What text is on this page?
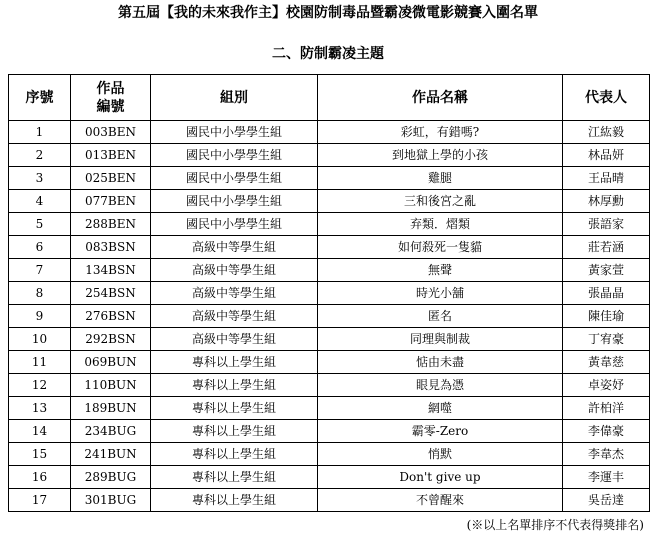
第五屆【我的未來我作主】校園防制毒品暨霸凌微電影競賽入圍名單
二、防制霸凌主題
序號	作品編號	組別	作品名稱	代表人
1	003BEN	國民中小學學生組	彩虹，有錯嗎?	江紘毅
2	013BEN	國民中小學學生組	到地獄上學的小孩	林品妍
3	025BEN	國民中小學學生組	雞腿	王品晴
4	077BEN	國民中小學學生組	三和後宮之亂	林厚勳
5	288BEN	國民中小學學生組	弃類．熠類	張語家
6	083BSN	高級中等學生組	如何殺死一隻貓	莊若涵
7	134BSN	高級中等學生組	無聲	黃家萱
8	254BSN	高級中等學生組	時光小舖	張晶晶
9	276BSN	高級中等學生組	匿名	陳佳瑜
10	292BSN	高級中等學生組	同理與制裁	丁宥豪
11	069BUN	專科以上學生組	惦由未盡	黃韋慈
12	110BUN	專科以上學生組	眼見為憑	卓姿妤
13	189BUN	專科以上學生組	網噬	許柏洋
14	234BUG	專科以上學生組	霸零-Zero	李偉豪
15	241BUN	專科以上學生組	悄默	李韋杰
16	289BUG	專科以上學生組	Don't give up	李運丰
17	301BUG	專科以上學生組	不曾醒來	吳岳達
(※以上名單排序不代表得獎排名)
